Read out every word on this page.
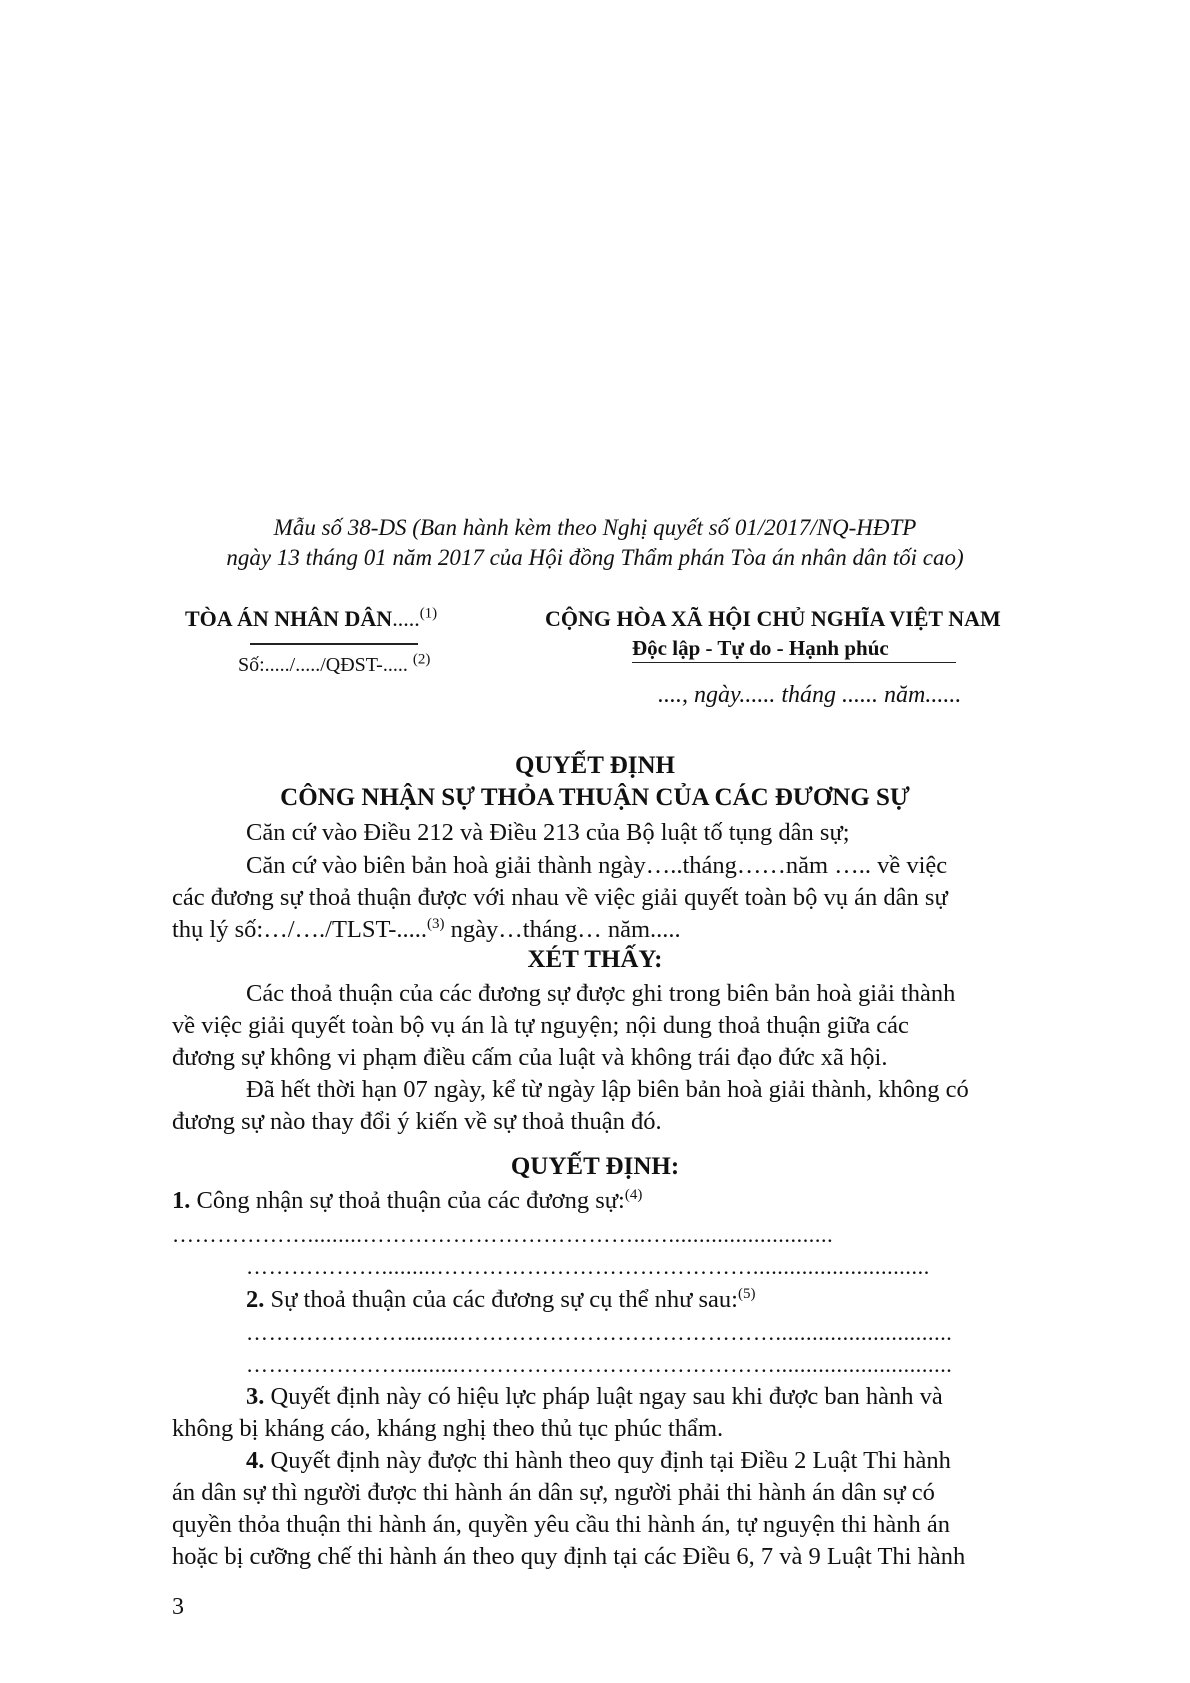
Mẫu số 38-DS (Ban hành kèm theo Nghị quyết số 01/2017/NQ-HĐTP
ngày 13 tháng 01 năm 2017 của Hội đồng Thẩm phán Tòa án nhân dân tối cao)
TÒA ÁN NHÂN DÂN.....$^{(1)}$
Số:...../...../QĐST-..... $^{(2)}$
CỘNG HÒA XÃ HỘI CHỦ NGHĨA VIỆT NAM
Độc lập - Tự do - Hạnh phúc
...., ngày...... tháng ...... năm......
QUYẾT ĐỊNH
CÔNG NHẬN SỰ THỎA THUẬN CỦA CÁC ĐƯƠNG SỰ
Căn cứ vào Điều 212 và Điều 213 của Bộ luật tố tụng dân sự;
Căn cứ vào biên bản hoà giải thành ngày…..tháng……năm ….. về việc
các đương sự thoả thuận được với nhau về việc giải quyết toàn bộ vụ án dân sự
thụ lý số:…/…./TLST-.....$^{(3)}$ ngày…tháng… năm.....
XÉT THẤY:
Các thoả thuận của các đương sự được ghi trong biên bản hoà giải thành
về việc giải quyết toàn bộ vụ án là tự nguyện; nội dung thoả thuận giữa các
đương sự không vi phạm điều cấm của luật và không trái đạo đức xã hội.
Đã hết thời hạn 07 ngày, kể từ ngày lập biên bản hoà giải thành, không có
đương sự nào thay đổi ý kiến về sự thoả thuận đó.
QUYẾT ĐỊNH:
1. Công nhận sự thoả thuận của các đương sự:$^{(4)}$
……………….........………………………………..…...........................
……………….........…………………………………….............................
2. Sự thoả thuận của các đương sự cụ thể như sau:$^{(5)}$
………………….........…………………………………….............................
………………….........…………………………………….............................
3. Quyết định này có hiệu lực pháp luật ngay sau khi được ban hành và
không bị kháng cáo, kháng nghị theo thủ tục phúc thẩm.
4. Quyết định này được thi hành theo quy định tại Điều 2 Luật Thi hành
án dân sự thì người được thi hành án dân sự, người phải thi hành án dân sự có
quyền thỏa thuận thi hành án, quyền yêu cầu thi hành án, tự nguyện thi hành án
hoặc bị cưỡng chế thi hành án theo quy định tại các Điều 6, 7 và 9 Luật Thi hành
3
